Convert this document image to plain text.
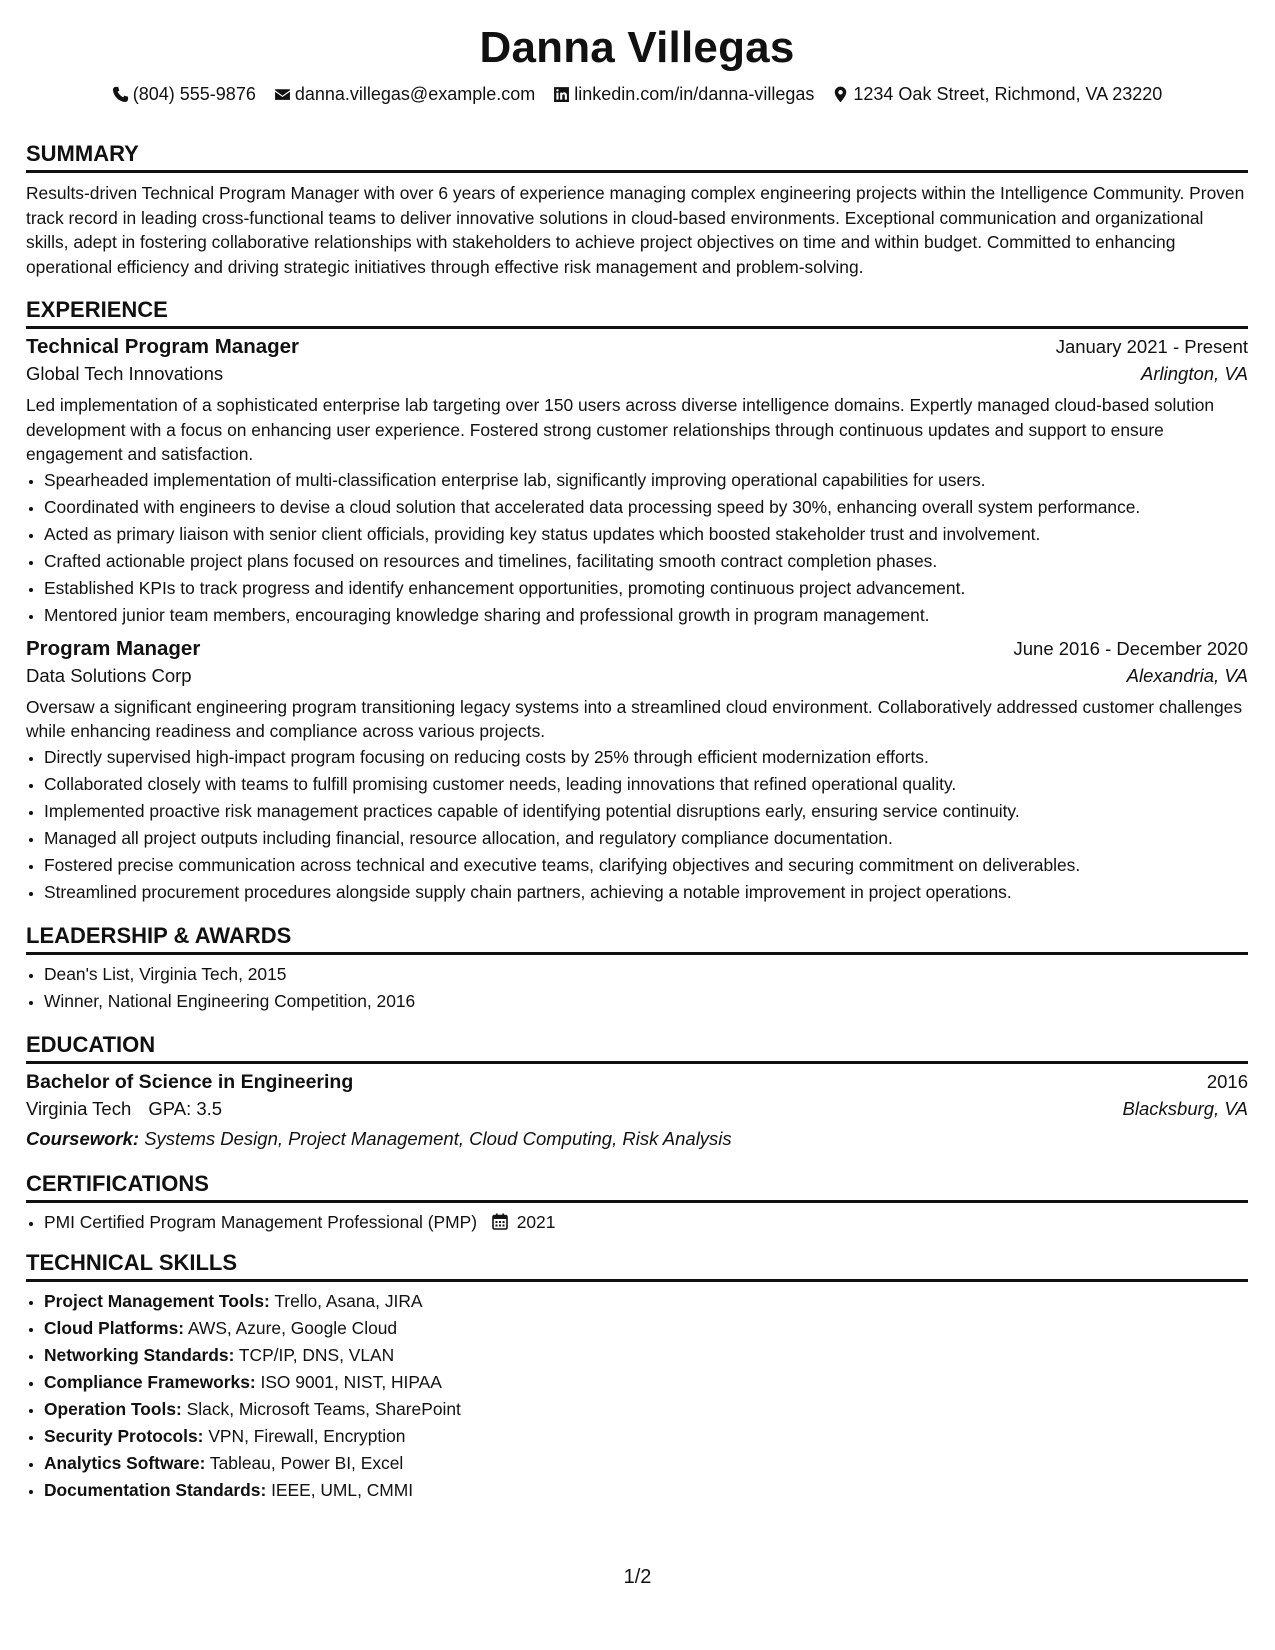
Danna Villegas
(804) 555-9876 danna.villegas@example.com linkedin.com/in/danna-villegas 1234 Oak Street, Richmond, VA 23220
SUMMARY

Results-driven Technical Program Manager with over 6 years of experience managing complex engineering projects within the Intelligence Community. Proven track record in leading cross-functional teams to deliver innovative solutions in cloud-based environments. Exceptional communication and organizational skills, adept in fostering collaborative relationships with stakeholders to achieve project objectives on time and within budget. Committed to enhancing operational efficiency and driving strategic initiatives through effective risk management and problem-solving.

EXPERIENCE
Technical Program Manager	January 2021 - Present
Global Tech Innovations	Arlington, VA

Led implementation of a sophisticated enterprise lab targeting over 150 users across diverse intelligence domains. Expertly managed cloud-based solution development with a focus on enhancing user experience. Fostered strong customer relationships through continuous updates and support to ensure engagement and satisfaction.

• Spearheaded implementation of multi-classification enterprise lab, significantly improving operational capabilities for users.
• Coordinated with engineers to devise a cloud solution that accelerated data processing speed by 30%, enhancing overall system performance.
• Acted as primary liaison with senior client officials, providing key status updates which boosted stakeholder trust and involvement.
• Crafted actionable project plans focused on resources and timelines, facilitating smooth contract completion phases.
• Established KPIs to track progress and identify enhancement opportunities, promoting continuous project advancement.
• Mentored junior team members, encouraging knowledge sharing and professional growth in program management.
Program Manager	June 2016 - December 2020
Data Solutions Corp	Alexandria, VA

Oversaw a significant engineering program transitioning legacy systems into a streamlined cloud environment. Collaboratively addressed customer challenges while enhancing readiness and compliance across various projects.

• Directly supervised high-impact program focusing on reducing costs by 25% through efficient modernization efforts.
• Collaborated closely with teams to fulfill promising customer needs, leading innovations that refined operational quality.
• Implemented proactive risk management practices capable of identifying potential disruptions early, ensuring service continuity.
• Managed all project outputs including financial, resource allocation, and regulatory compliance documentation.
• Fostered precise communication across technical and executive teams, clarifying objectives and securing commitment on deliverables.
• Streamlined procurement procedures alongside supply chain partners, achieving a notable improvement in project operations.
LEADERSHIP & AWARDS
• Dean's List, Virginia Tech, 2015
• Winner, National Engineering Competition, 2016
EDUCATION
Bachelor of Science in Engineering	2016
Virginia Tech GPA: 3.5	Blacksburg, VA
Coursework: Systems Design, Project Management, Cloud Computing, Risk Analysis
CERTIFICATIONS
• PMI Certified Program Management Professional (PMP) 2021
TECHNICAL SKILLS
• Project Management Tools: Trello, Asana, JIRA
• Cloud Platforms: AWS, Azure, Google Cloud
• Networking Standards: TCP/IP, DNS, VLAN
• Compliance Frameworks: ISO 9001, NIST, HIPAA
• Operation Tools: Slack, Microsoft Teams, SharePoint
• Security Protocols: VPN, Firewall, Encryption
• Analytics Software: Tableau, Power BI, Excel
• Documentation Standards: IEEE, UML, CMMI
1/2
